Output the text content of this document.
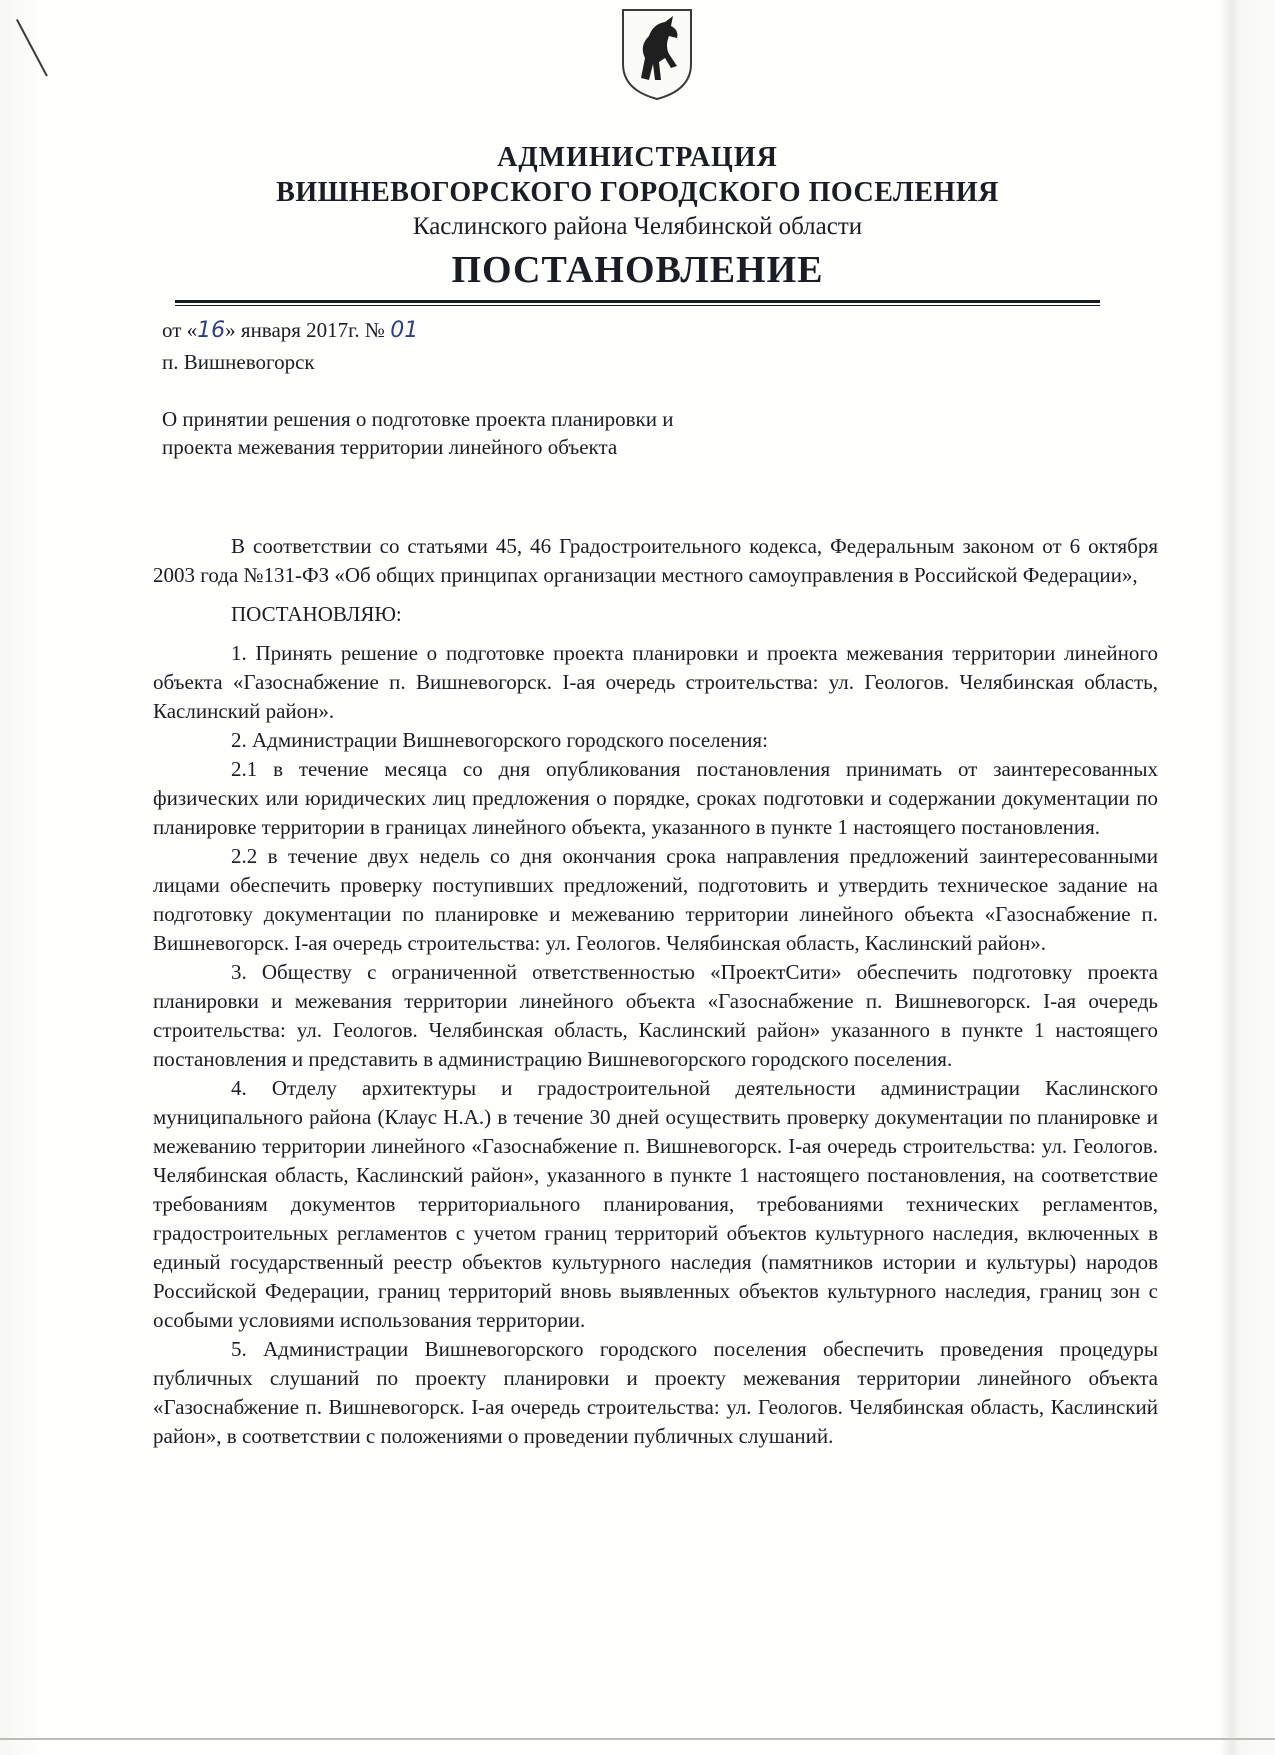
АДМИНИСТРАЦИЯ
ВИШНЕВОГОРСКОГО ГОРОДСКОГО ПОСЕЛЕНИЯ
Каслинского района Челябинской области
ПОСТАНОВЛЕНИЕ
от «16» января 2017г. № 01
п. Вишневогорск
О принятии решения о подготовке проекта планировки и проекта межевания территории линейного объекта

В соответствии со статьями 45, 46 Градостроительного кодекса, Федеральным законом от 6 октября 2003 года №131-ФЗ «Об общих принципах организации местного самоуправления в Российской Федерации»,

ПОСТАНОВЛЯЮ:

1. Принять решение о подготовке проекта планировки и проекта межевания территории линейного объекта «Газоснабжение п. Вишневогорск. I-ая очередь строительства: ул. Геологов. Челябинская область, Каслинский район».

2. Администрации Вишневогорского городского поселения:

2.1 в течение месяца со дня опубликования постановления принимать от заинтересованных физических или юридических лиц предложения о порядке, сроках подготовки и содержании документации по планировке территории в границах линейного объекта, указанного в пункте 1 настоящего постановления.

2.2 в течение двух недель со дня окончания срока направления предложений заинтересованными лицами обеспечить проверку поступивших предложений, подготовить и утвердить техническое задание на подготовку документации по планировке и межеванию территории линейного объекта «Газоснабжение п. Вишневогорск. I-ая очередь строительства: ул. Геологов. Челябинская область, Каслинский район».

3. Обществу с ограниченной ответственностью «ПроектСити» обеспечить подготовку проекта планировки и межевания территории линейного объекта «Газоснабжение п. Вишневогорск. I-ая очередь строительства: ул. Геологов. Челябинская область, Каслинский район» указанного в пункте 1 настоящего постановления и представить в администрацию Вишневогорского городского поселения.

4. Отделу архитектуры и градостроительной деятельности администрации Каслинского муниципального района (Клаус Н.А.) в течение 30 дней осуществить проверку документации по планировке и межеванию территории линейного «Газоснабжение п. Вишневогорск. I-ая очередь строительства: ул. Геологов. Челябинская область, Каслинский район», указанного в пункте 1 настоящего постановления, на соответствие требованиям документов территориального планирования, требованиями технических регламентов, градостроительных регламентов с учетом границ территорий объектов культурного наследия, включенных в единый государственный реестр объектов культурного наследия (памятников истории и культуры) народов Российской Федерации, границ территорий вновь выявленных объектов культурного наследия, границ зон с особыми условиями использования территории.

5. Администрации Вишневогорского городского поселения обеспечить проведения процедуры публичных слушаний по проекту планировки и проекту межевания территории линейного объекта «Газоснабжение п. Вишневогорск. I-ая очередь строительства: ул. Геологов. Челябинская область, Каслинский район», в соответствии с положениями о проведении публичных слушаний.
